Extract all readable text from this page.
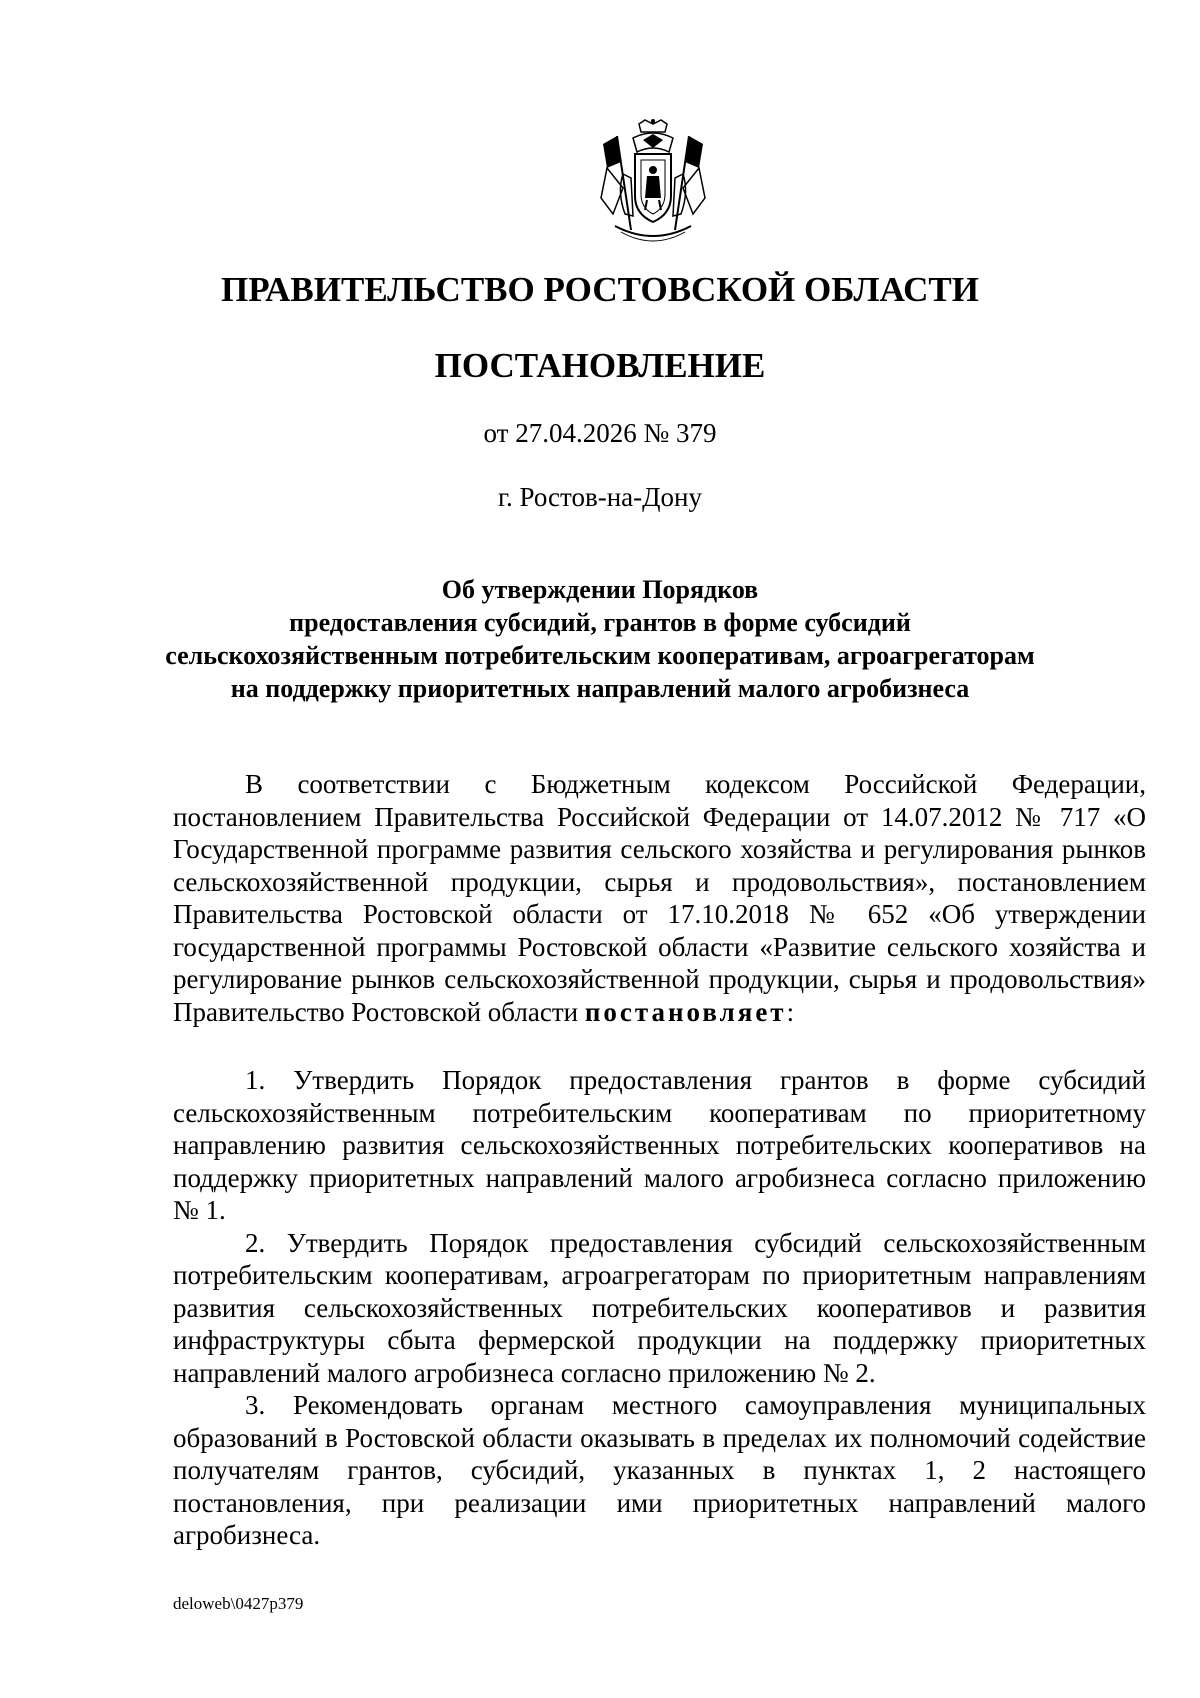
ПРАВИТЕЛЬСТВО РОСТОВСКОЙ ОБЛАСТИ
ПОСТАНОВЛЕНИЕ
от 27.04.2026 № 379
г. Ростов-на-Дону
Об утверждении Порядков
предоставления субсидий, грантов в форме субсидий
сельскохозяйственным потребительским кооперативам, агроагрегаторам
на поддержку приоритетных направлений малого агробизнеса

В соответствии с Бюджетным кодексом Российской Федерации, постановлением Правительства Российской Федерации от 14.07.2012 № 717 «О Государственной программе развития сельского хозяйства и регулирования рынков сельскохозяйственной продукции, сырья и продовольствия», постановлением Правительства Ростовской области от 17.10.2018 № 652 «Об утверждении государственной программы Ростовской области «Развитие сельского хозяйства и регулирование рынков сельскохозяйственной продукции, сырья и продовольствия» Правительство Ростовской области постановляет:

1. Утвердить Порядок предоставления грантов в форме субсидий сельскохозяйственным потребительским кооперативам по приоритетному направлению развития сельскохозяйственных потребительских кооперативов на поддержку приоритетных направлений малого агробизнеса согласно приложению № 1.

2. Утвердить Порядок предоставления субсидий сельскохозяйственным потребительским кооперативам, агроагрегаторам по приоритетным направлениям развития сельскохозяйственных потребительских кооперативов и развития инфраструктуры сбыта фермерской продукции на поддержку приоритетных направлений малого агробизнеса согласно приложению № 2.

3. Рекомендовать органам местного самоуправления муниципальных образований в Ростовской области оказывать в пределах их полномочий содействие получателям грантов, субсидий, указанных в пунктах 1, 2 настоящего постановления, при реализации ими приоритетных направлений малого агробизнеса.

deloweb\0427p379
